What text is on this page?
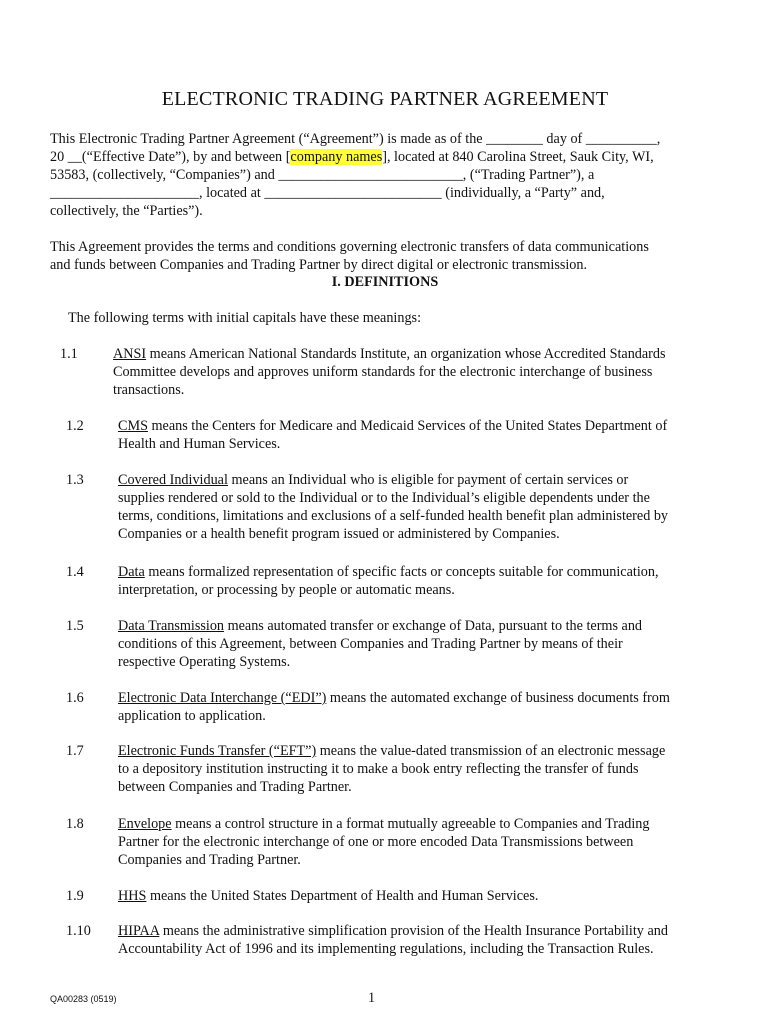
ELECTRONIC TRADING PARTNER AGREEMENT

This Electronic Trading Partner Agreement (“Agreement”) is made as of the ________ day of __________,
20 __(“Effective Date”), by and between [company names], located at 840 Carolina Street, Sauk City, WI,
53583, (collectively, “Companies”) and __________________________, (“Trading Partner”), a
_____________________, located at _________________________ (individually, a “Party” and,
collectively, the “Parties”).

This Agreement provides the terms and conditions governing electronic transfers of data communications
and funds between Companies and Trading Partner by direct digital or electronic transmission.

I. DEFINITIONS
The following terms with initial capitals have these meanings:
1.1 ANSI means American National Standards Institute, an organization whose Accredited Standards
Committee develops and approves uniform standards for the electronic interchange of business
transactions.
1.2 CMS means the Centers for Medicare and Medicaid Services of the United States Department of
Health and Human Services.
1.3 Covered Individual means an Individual who is eligible for payment of certain services or
supplies rendered or sold to the Individual or to the Individual’s eligible dependents under the
terms, conditions, limitations and exclusions of a self-funded health benefit plan administered by
Companies or a health benefit program issued or administered by Companies.
1.4 Data means formalized representation of specific facts or concepts suitable for communication,
interpretation, or processing by people or automatic means.
1.5 Data Transmission means automated transfer or exchange of Data, pursuant to the terms and
conditions of this Agreement, between Companies and Trading Partner by means of their
respective Operating Systems.
1.6 Electronic Data Interchange (“EDI”) means the automated exchange of business documents from
application to application.
1.7 Electronic Funds Transfer (“EFT”) means the value-dated transmission of an electronic message
to a depository institution instructing it to make a book entry reflecting the transfer of funds
between Companies and Trading Partner.
1.8 Envelope means a control structure in a format mutually agreeable to Companies and Trading
Partner for the electronic interchange of one or more encoded Data Transmissions between
Companies and Trading Partner.
1.9 HHS means the United States Department of Health and Human Services.
1.10 HIPAA means the administrative simplification provision of the Health Insurance Portability and
Accountability Act of 1996 and its implementing regulations, including the Transaction Rules.
QA00283 (0519)	1
